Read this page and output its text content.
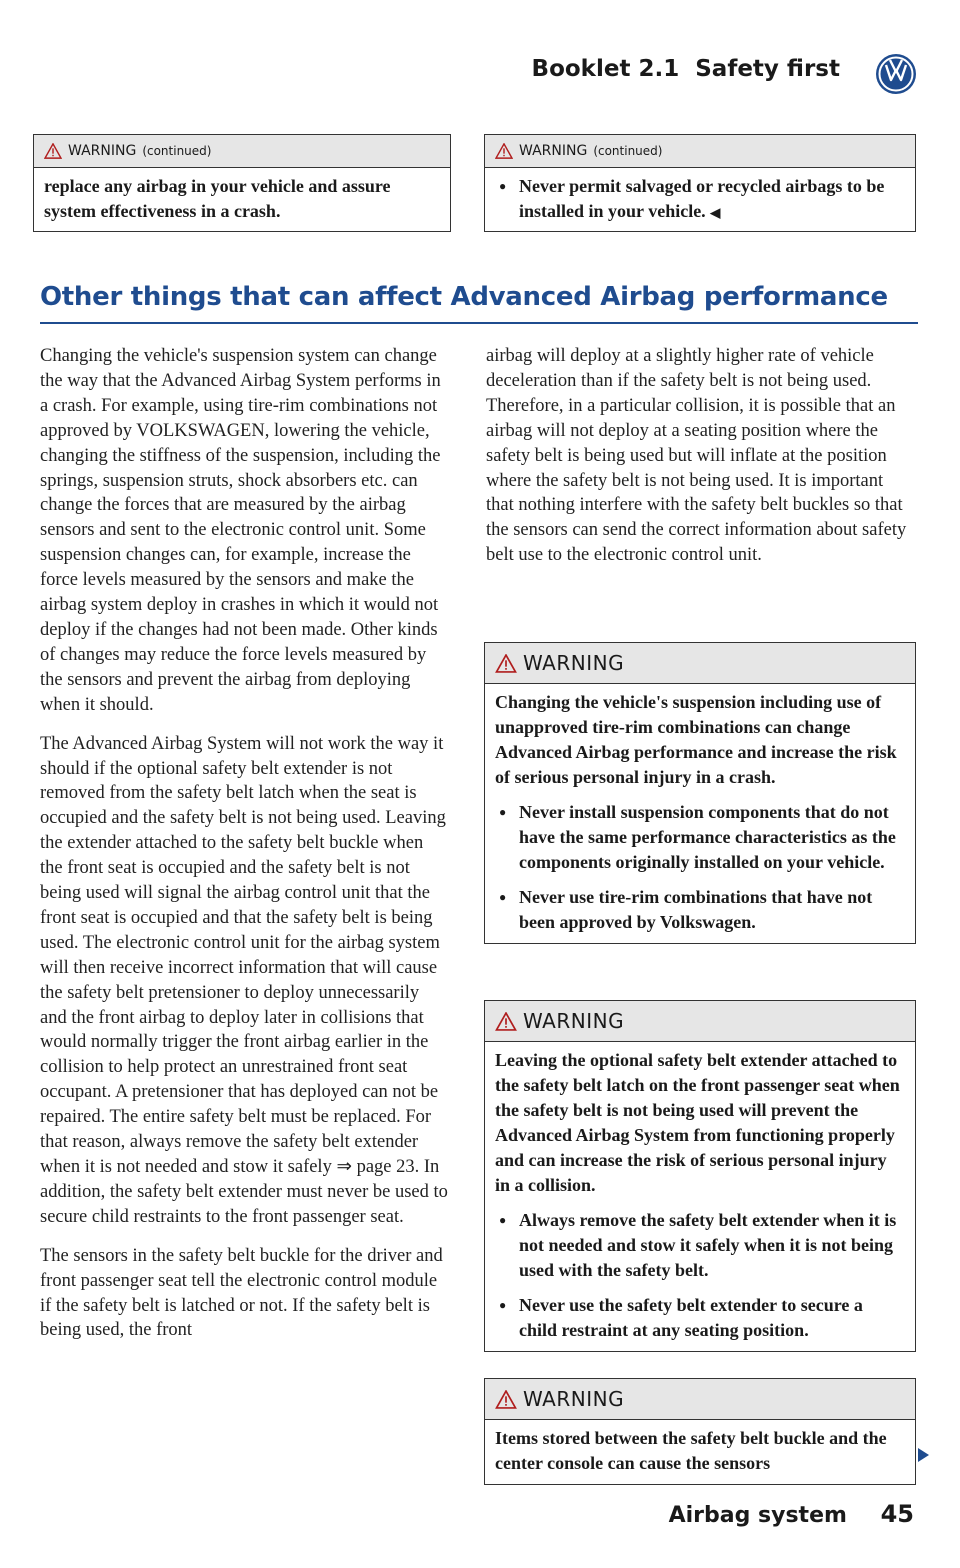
Booklet 2.1 Safety first
WARNING (continued)

replace any airbag in your vehicle and assure system effectiveness in a crash.

WARNING (continued)

● Never permit salvaged or recycled airbags to be installed in your vehicle. ◀

Other things that can affect Advanced Airbag performance

Changing the vehicle's suspension system can change the way that the Advanced Airbag System performs in a crash. For example, using tire-rim combinations not approved by VOLKSWAGEN, lowering the vehicle, changing the stiffness of the suspension, including the springs, suspension struts, shock absorbers etc. can change the forces that are measured by the airbag sensors and sent to the electronic control unit. Some suspension changes can, for example, increase the force levels measured by the sensors and make the airbag system deploy in crashes in which it would not deploy if the changes had not been made. Other kinds of changes may reduce the force levels measured by the sensors and prevent the airbag from deploying when it should.

The Advanced Airbag System will not work the way it should if the optional safety belt extender is not removed from the safety belt latch when the seat is occupied and the safety belt is not being used. Leaving the extender attached to the safety belt buckle when the front seat is occupied and the safety belt is not being used will signal the airbag control unit that the front seat is occupied and that the safety belt is being used. The electronic control unit for the airbag system will then receive incorrect information that will cause the safety belt pretensioner to deploy unnecessarily and the front airbag to deploy later in collisions that would normally trigger the front airbag earlier in the collision to help protect an unrestrained front seat occupant. A pretensioner that has deployed can not be repaired. The entire safety belt must be replaced. For that reason, always remove the safety belt extender when it is not needed and stow it safely ⇒ page 23. In addition, the safety belt extender must never be used to secure child restraints to the front passenger seat.

The sensors in the safety belt buckle for the driver and front passenger seat tell the electronic control module if the safety belt is latched or not. If the safety belt is being used, the front

airbag will deploy at a slightly higher rate of vehicle deceleration than if the safety belt is not being used. Therefore, in a particular collision, it is possible that an airbag will not deploy at a seating position where the safety belt is being used but will inflate at the position where the safety belt is not being used. It is important that nothing interfere with the safety belt buckles so that the sensors can send the correct information about safety belt use to the electronic control unit.

WARNING

Changing the vehicle's suspension including use of unapproved tire-rim combinations can change Advanced Airbag performance and increase the risk of serious personal injury in a crash.

● Never install suspension components that do not have the same performance characteristics as the components originally installed on your vehicle.

● Never use tire-rim combinations that have not been approved by Volkswagen.

WARNING

Leaving the optional safety belt extender attached to the safety belt latch on the front passenger seat when the safety belt is not being used will prevent the Advanced Airbag System from functioning properly and can increase the risk of serious personal injury in a collision.

● Always remove the safety belt extender when it is not needed and stow it safely when it is not being used with the safety belt.

● Never use the safety belt extender to secure a child restraint at any seating position.

WARNING

Items stored between the safety belt buckle and the center console can cause the sensors

Airbag system 45
